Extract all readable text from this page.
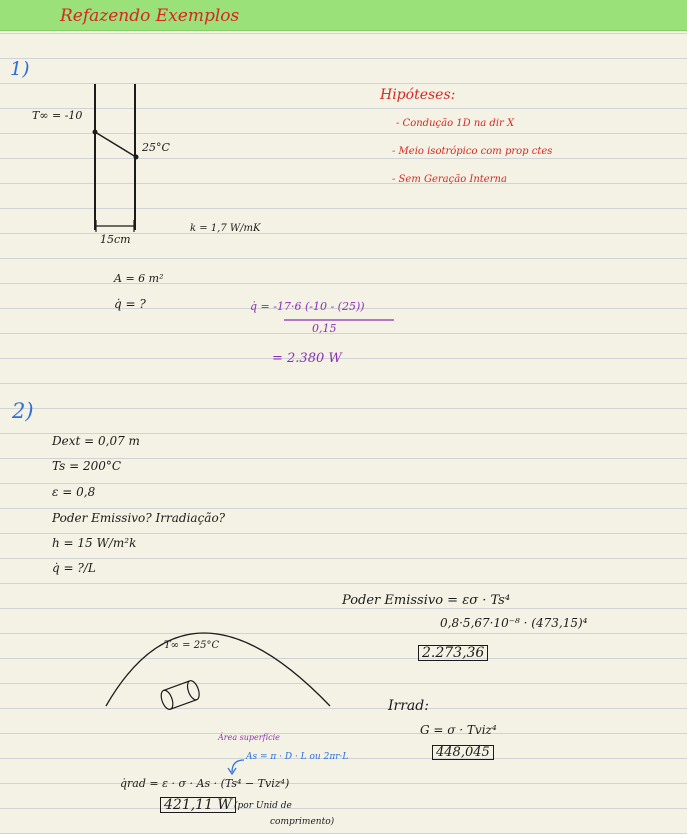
Refazendo Exemplos
1)
T∞ = -10
25°C
15cm
k = 1,7 W/mK
A = 6 m²
q̇ = ?
Hipóteses:
- Condução 1D na dir X
- Meio isotrópico com prop ctes
- Sem Geração Interna
q̇ = -17·6 (-10 - (25))
0,15
= 2.380 W
2)
Dext = 0,07 m
Ts = 200°C
ε = 0,8
Poder Emissivo? Irradiação?
h = 15 W/m²k
q̇ = ?/L
T∞ = 25°C
Área superfície
As = π · D · L ou 2πr·L
q̇rad = ε · σ · As · (Ts⁴ − Tviz⁴)
421,11 W (por Unid de
comprimento)
Poder Emissivo = εσ · Ts⁴
0,8·5,67·10⁻⁸ · (473,15)⁴
2.273,36
Irrad:
G = σ · Tviz⁴
448,045
